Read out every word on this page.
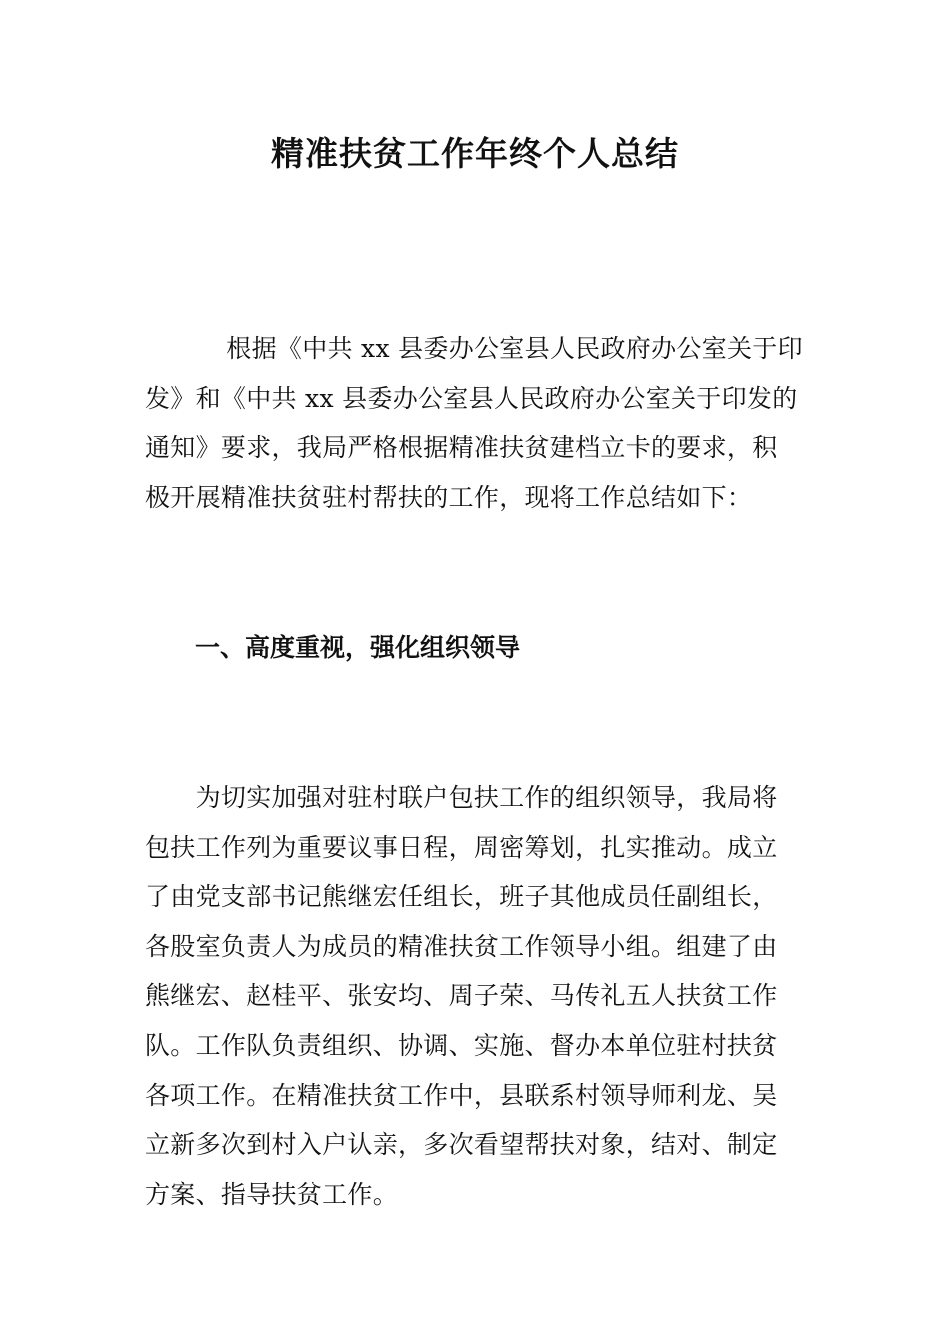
精准扶贫工作年终个人总结
　根据《中共 xx 县委办公室县人民政府办公室关于印
发》和《中共 xx 县委办公室县人民政府办公室关于印发的
通知》要求，我局严格根据精准扶贫建档立卡的要求，积
极开展精准扶贫驻村帮扶的工作，现将工作总结如下：
一、高度重视，强化组织领导
　　为切实加强对驻村联户包扶工作的组织领导，我局将
包扶工作列为重要议事日程，周密筹划，扎实推动。成立
了由党支部书记熊继宏任组长，班子其他成员任副组长，
各股室负责人为成员的精准扶贫工作领导小组。组建了由
熊继宏、赵桂平、张安均、周子荣、马传礼五人扶贫工作
队。工作队负责组织、协调、实施、督办本单位驻村扶贫
各项工作。在精准扶贫工作中，县联系村领导师利龙、吴
立新多次到村入户认亲，多次看望帮扶对象，结对、制定
方案、指导扶贫工作。
